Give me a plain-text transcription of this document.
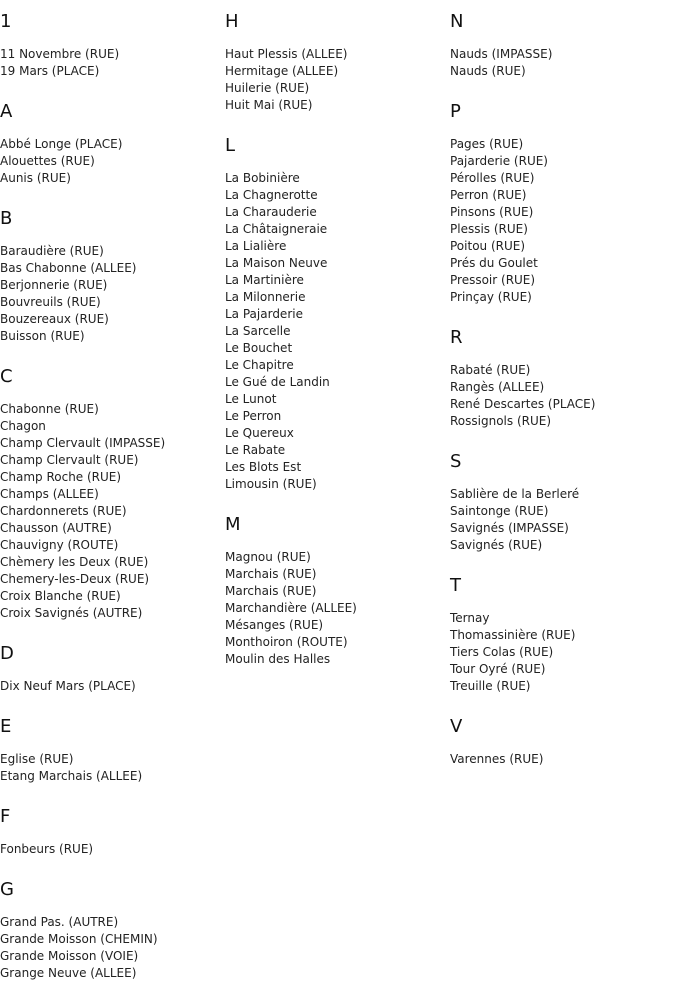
1
11 Novembre (RUE)
19 Mars (PLACE)
A
Abbé Longe (PLACE)
Alouettes (RUE)
Aunis (RUE)
B
Baraudière (RUE)
Bas Chabonne (ALLEE)
Berjonnerie (RUE)
Bouvreuils (RUE)
Bouzereaux (RUE)
Buisson (RUE)
C
Chabonne (RUE)
Chagon
Champ Clervault (IMPASSE)
Champ Clervault (RUE)
Champ Roche (RUE)
Champs (ALLEE)
Chardonnerets (RUE)
Chausson (AUTRE)
Chauvigny (ROUTE)
Chèmery les Deux (RUE)
Chemery-les-Deux (RUE)
Croix Blanche (RUE)
Croix Savignés (AUTRE)
D
Dix Neuf Mars (PLACE)
E
Eglise (RUE)
Etang Marchais (ALLEE)
F
Fonbeurs (RUE)
G
Grand Pas. (AUTRE)
Grande Moisson (CHEMIN)
Grande Moisson (VOIE)
Grange Neuve (ALLEE)
H
Haut Plessis (ALLEE)
Hermitage (ALLEE)
Huilerie (RUE)
Huit Mai (RUE)
L
La Bobinière
La Chagnerotte
La Charauderie
La Châtaigneraie
La Lialière
La Maison Neuve
La Martinière
La Milonnerie
La Pajarderie
La Sarcelle
Le Bouchet
Le Chapitre
Le Gué de Landin
Le Lunot
Le Perron
Le Quereux
Le Rabate
Les Blots Est
Limousin (RUE)
M
Magnou (RUE)
Marchais (RUE)
Marchais (RUE)
Marchandière (ALLEE)
Mésanges (RUE)
Monthoiron (ROUTE)
Moulin des Halles
N
Nauds (IMPASSE)
Nauds (RUE)
P
Pages (RUE)
Pajarderie (RUE)
Pérolles (RUE)
Perron (RUE)
Pinsons (RUE)
Plessis (RUE)
Poitou (RUE)
Prés du Goulet
Pressoir (RUE)
Prinçay (RUE)
R
Rabaté (RUE)
Rangès (ALLEE)
René Descartes (PLACE)
Rossignols (RUE)
S
Sablière de la Berleré
Saintonge (RUE)
Savignés (IMPASSE)
Savignés (RUE)
T
Ternay
Thomassinière (RUE)
Tiers Colas (RUE)
Tour Oyré (RUE)
Treuille (RUE)
V
Varennes (RUE)
